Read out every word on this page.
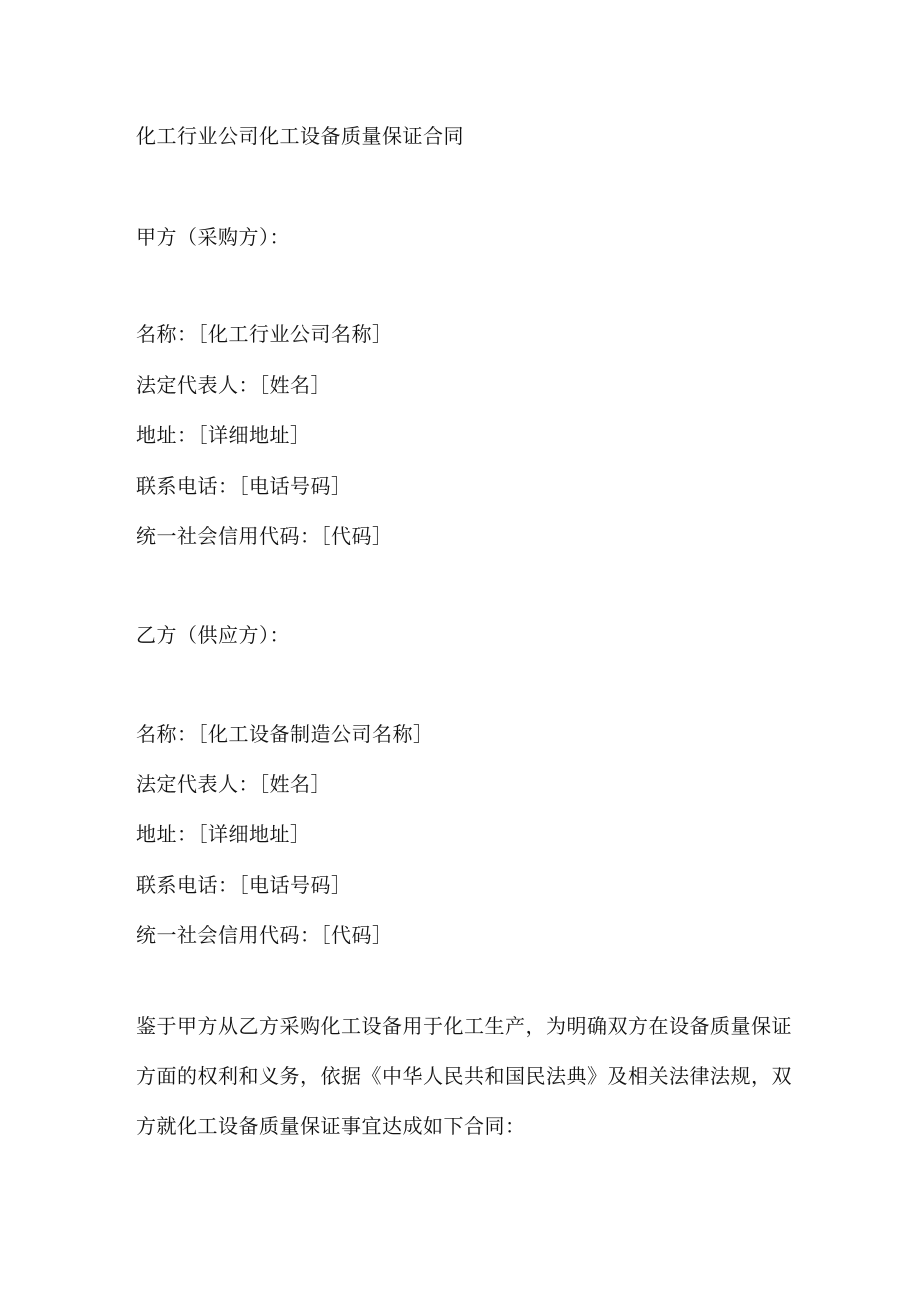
化工行业公司化工设备质量保证合同
甲方（采购方）：
名称：［化工行业公司名称］
法定代表人：［姓名］
地址：［详细地址］
联系电话：［电话号码］
统一社会信用代码：［代码］
乙方（供应方）：
名称：［化工设备制造公司名称］
法定代表人：［姓名］
地址：［详细地址］
联系电话：［电话号码］
统一社会信用代码：［代码］
鉴于甲方从乙方采购化工设备用于化工生产，为明确双方在设备质量保证
方面的权利和义务，依据《中华人民共和国民法典》及相关法律法规，双
方就化工设备质量保证事宜达成如下合同：
